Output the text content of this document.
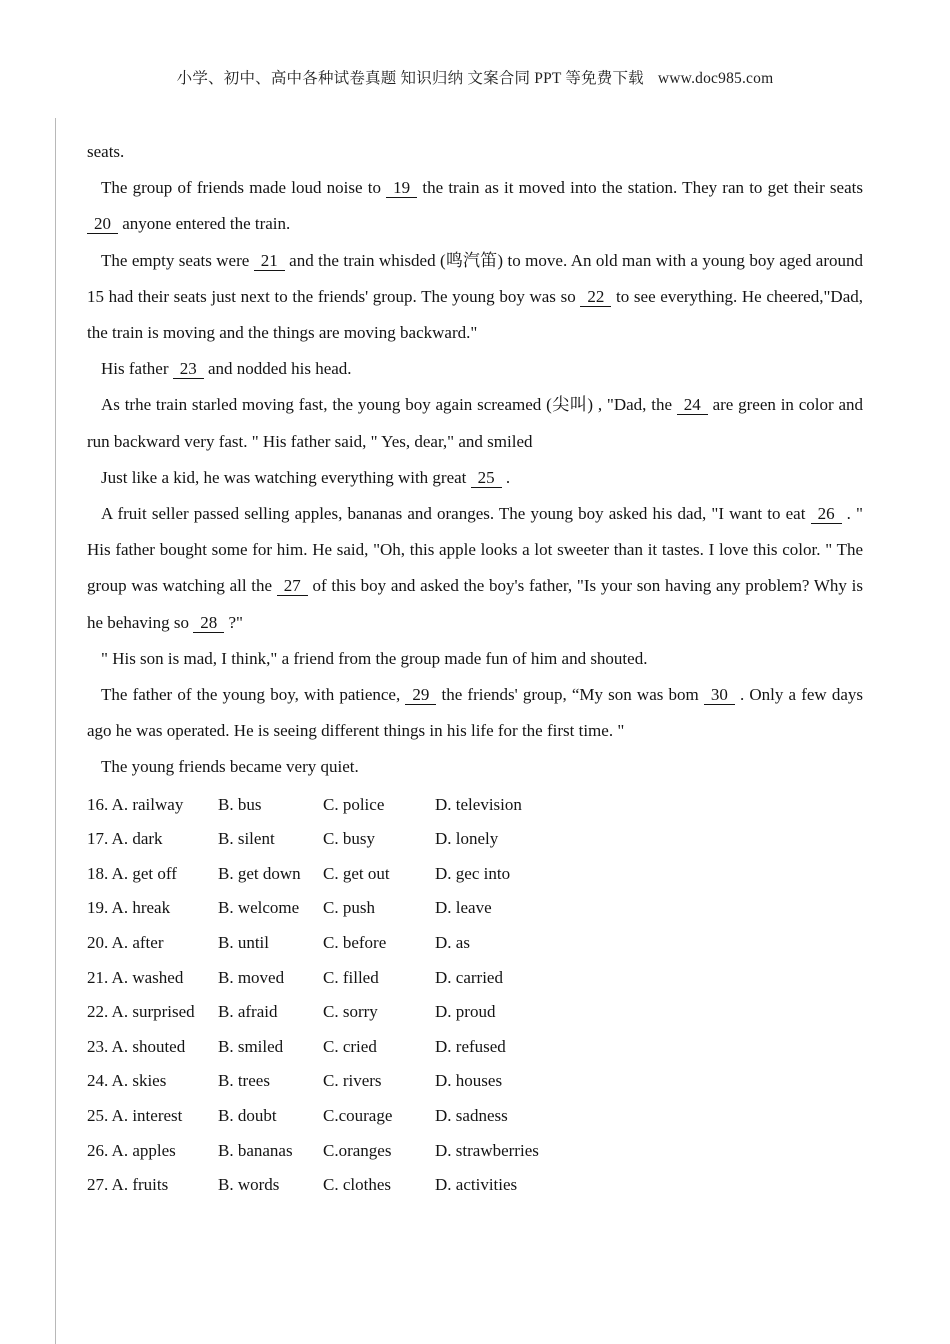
小学、初中、高中各种试卷真题 知识归纳 文案合同 PPT 等免费下载 www.doc985.com
seats.
The group of friends made loud noise to 19 the train as it moved into the station. They ran to get their seats 20 anyone entered the train.
The empty seats were 21 and the train whisded (鸣汽笛) to move. An old man with a young boy aged around 15 had their seats just next to the friends' group. The young boy was so 22 to see everything. He cheered,"Dad, the train is moving and the things are moving backward."
His father 23 and nodded his head.
As trhe train starled moving fast, the young boy again screamed (尖叫) , "Dad, the 24 are green in color and run backward very fast. " His father said, " Yes, dear," and smiled
Just like a kid, he was watching everything with great 25 .
A fruit seller passed selling apples, bananas and oranges. The young boy asked his dad, "I want to eat 26 . " His father bought some for him. He said, "Oh, this apple looks a lot sweeter than it tastes. I love this color. " The group was watching all the 27 of this boy and asked the boy's father, "Is your son having any problem? Why is he behaving so 28 ?"
" His son is mad, I think," a friend from the group made fun of him and shouted.
The father of the young boy, with patience, 29 the friends' group, “My son was bom 30 . Only a few days ago he was operated. He is seeing different things in his life for the first time. "
The young friends became very quiet.
16. A. railway	B. bus	C. police	D. television
17. A. dark	B. silent	C. busy	D. lonely
18. A. get off	B. get down	C. get out	D. gec into
19. A. hreak	B. welcome	C. push	D. leave
20. A. after	B. until	C. before	D. as
21. A. washed	B. moved	C. filled	D. carried
22. A. surprised	B. afraid	C. sorry	D. proud
23. A. shouted	B. smiled	C. cried	D. refused
24. A. skies	B. trees	C. rivers	D. houses
25. A. interest	B. doubt	C.courage	D. sadness
26. A. apples	B. bananas	C.oranges	D. strawberries
27. A. fruits	B. words	C. clothes	D. activities
